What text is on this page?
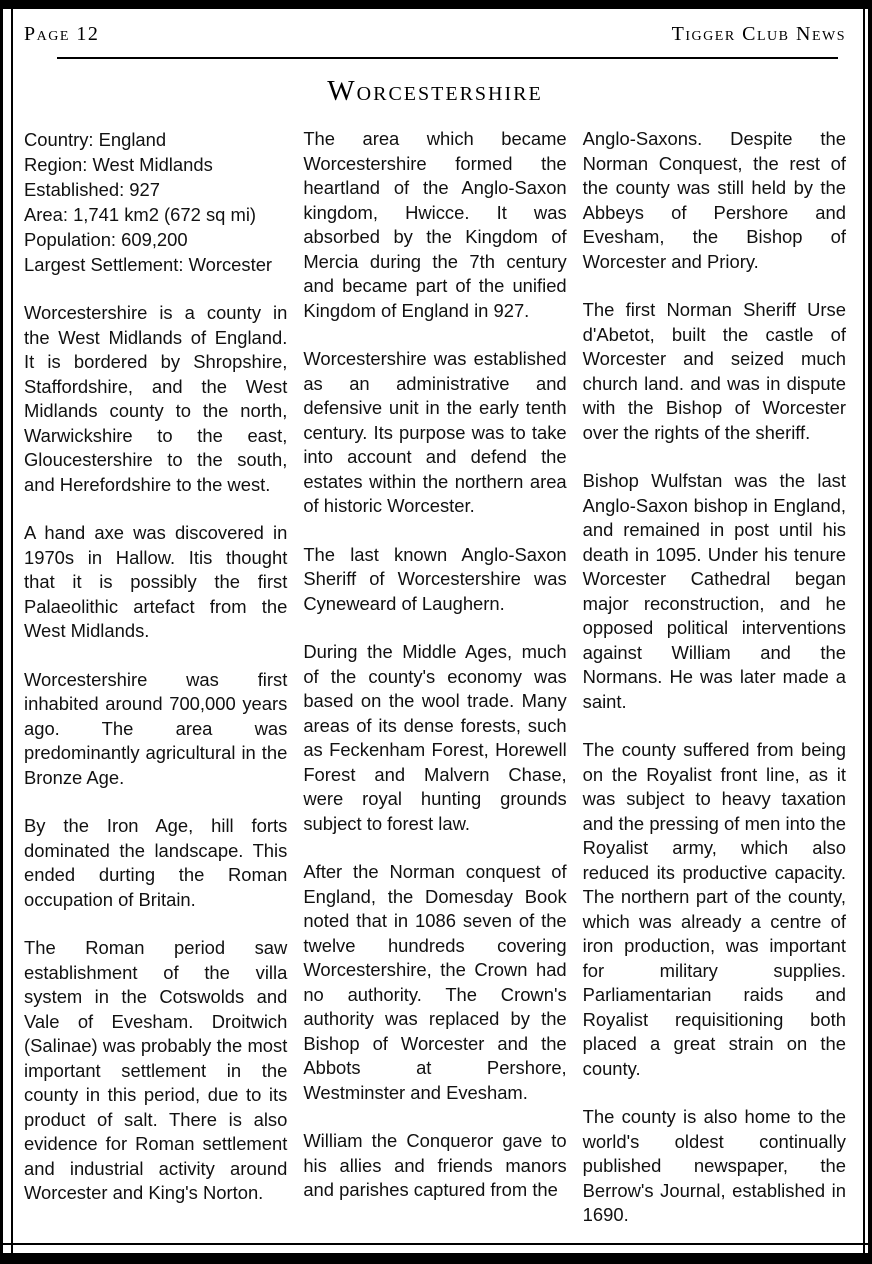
Page 12	Tigger Club News
Worcestershire
Country: England
Region: West Midlands
Established: 927
Area: 1,741 km2 (672 sq mi)
Population: 609,200
Largest Settlement: Worcester

Worcestershire is a county in the West Midlands of England. It is bordered by Shropshire, Staffordshire, and the West Midlands county to the north, Warwickshire to the east, Gloucestershire to the south, and Herefordshire to the west.

A hand axe was discovered in 1970s in Hallow. Itis thought that it is possibly the first Palaeolithic artefact from the West Midlands.

Worcestershire was first inhabited around 700,000 years ago. The area was predominantly agricultural in the Bronze Age.

By the Iron Age, hill forts dominated the landscape. This ended durting the Roman occupation of Britain.

The Roman period saw establishment of the villa system in the Cotswolds and Vale of Evesham. Droitwich (Salinae) was probably the most important settlement in the county in this period, due to its product of salt. There is also evidence for Roman settlement and industrial activity around Worcester and King's Norton.

The area which became Worcestershire formed the heartland of the Anglo-Saxon kingdom, Hwicce. It was absorbed by the Kingdom of Mercia during the 7th century and became part of the unified Kingdom of England in 927.

Worcestershire was established as an administrative and defensive unit in the early tenth century. Its purpose was to take into account and defend the estates within the northern area of historic Worcester.

The last known Anglo-Saxon Sheriff of Worcestershire was Cyneweard of Laughern.

During the Middle Ages, much of the county's economy was based on the wool trade. Many areas of its dense forests, such as Feckenham Forest, Horewell Forest and Malvern Chase, were royal hunting grounds subject to forest law.

After the Norman conquest of England, the Domesday Book noted that in 1086 seven of the twelve hundreds covering Worcestershire, the Crown had no authority. The Crown's authority was replaced by the Bishop of Worcester and the Abbots at Pershore, Westminster and Evesham.

William the Conqueror gave to his allies and friends manors and parishes captured from the

Anglo-Saxons. Despite the Norman Conquest, the rest of the county was still held by the Abbeys of Pershore and Evesham, the Bishop of Worcester and Priory.

The first Norman Sheriff Urse d'Abetot, built the castle of Worcester and seized much church land. and was in dispute with the Bishop of Worcester over the rights of the sheriff.

Bishop Wulfstan was the last Anglo-Saxon bishop in England, and remained in post until his death in 1095. Under his tenure Worcester Cathedral began major reconstruction, and he opposed political interventions against William and the Normans. He was later made a saint.

The county suffered from being on the Royalist front line, as it was subject to heavy taxation and the pressing of men into the Royalist army, which also reduced its productive capacity. The northern part of the county, which was already a centre of iron production, was important for military supplies. Parliamentarian raids and Royalist requisitioning both placed a great strain on the county.

The county is also home to the world's oldest continually published newspaper, the Berrow's Journal, established in 1690.
